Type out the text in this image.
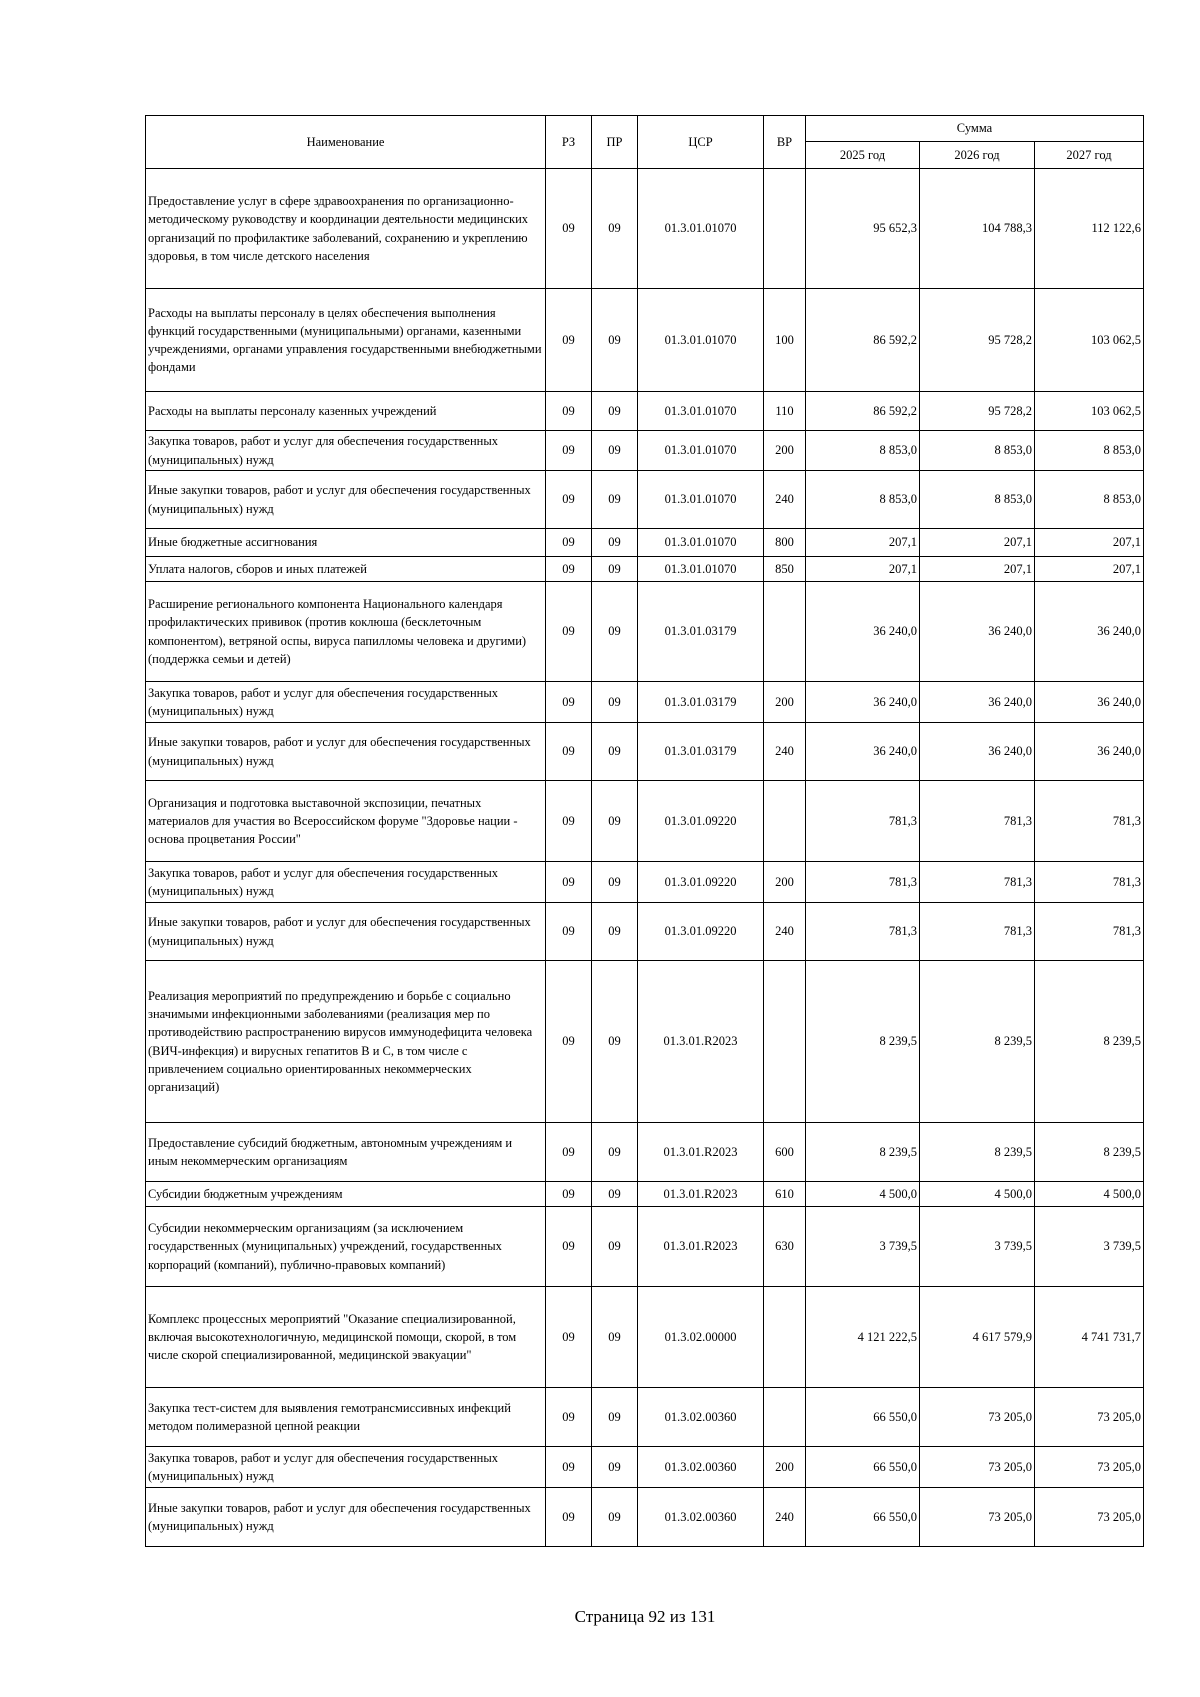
Наименование	РЗ	ПР	ЦСР	ВР	Сумма		
					2025 год	2026 год	2027 год
Предоставление услуг в сфере здравоохранения по организационно-методическому руководству и координации деятельности медицинских организаций по профилактике заболеваний, сохранению и укреплению здоровья, в том числе детского населения	09	09	01.3.01.01070		95 652,3	104 788,3	112 122,6
Расходы на выплаты персоналу в целях обеспечения выполнения функций государственными (муниципальными) органами, казенными учреждениями, органами управления государственными внебюджетными фондами	09	09	01.3.01.01070	100	86 592,2	95 728,2	103 062,5
Расходы на выплаты персоналу казенных учреждений	09	09	01.3.01.01070	110	86 592,2	95 728,2	103 062,5
Закупка товаров, работ и услуг для обеспечения государственных (муниципальных) нужд	09	09	01.3.01.01070	200	8 853,0	8 853,0	8 853,0
Иные закупки товаров, работ и услуг для обеспечения государственных (муниципальных) нужд	09	09	01.3.01.01070	240	8 853,0	8 853,0	8 853,0
Иные бюджетные ассигнования	09	09	01.3.01.01070	800	207,1	207,1	207,1
Уплата налогов, сборов и иных платежей	09	09	01.3.01.01070	850	207,1	207,1	207,1
Расширение регионального компонента Национального календаря профилактических прививок (против коклюша (бесклеточным компонентом), ветряной оспы, вируса папилломы человека и другими) (поддержка семьи и детей)	09	09	01.3.01.03179		36 240,0	36 240,0	36 240,0
Закупка товаров, работ и услуг для обеспечения государственных (муниципальных) нужд	09	09	01.3.01.03179	200	36 240,0	36 240,0	36 240,0
Иные закупки товаров, работ и услуг для обеспечения государственных (муниципальных) нужд	09	09	01.3.01.03179	240	36 240,0	36 240,0	36 240,0
Организация и подготовка выставочной экспозиции, печатных материалов для участия во Всероссийском форуме "Здоровье нации - основа процветания России"	09	09	01.3.01.09220		781,3	781,3	781,3
Закупка товаров, работ и услуг для обеспечения государственных (муниципальных) нужд	09	09	01.3.01.09220	200	781,3	781,3	781,3
Иные закупки товаров, работ и услуг для обеспечения государственных (муниципальных) нужд	09	09	01.3.01.09220	240	781,3	781,3	781,3
Реализация мероприятий по предупреждению и борьбе с социально значимыми инфекционными заболеваниями (реализация мер по противодействию распространению вирусов иммунодефицита человека (ВИЧ-инфекция) и вирусных гепатитов B и C, в том числе с привлечением социально ориентированных некоммерческих организаций)	09	09	01.3.01.R2023		8 239,5	8 239,5	8 239,5
Предоставление субсидий бюджетным, автономным учреждениям и иным некоммерческим организациям	09	09	01.3.01.R2023	600	8 239,5	8 239,5	8 239,5
Субсидии бюджетным учреждениям	09	09	01.3.01.R2023	610	4 500,0	4 500,0	4 500,0
Субсидии некоммерческим организациям (за исключением государственных (муниципальных) учреждений, государственных корпораций (компаний), публично-правовых компаний)	09	09	01.3.01.R2023	630	3 739,5	3 739,5	3 739,5
Комплекс процессных мероприятий "Оказание специализированной, включая высокотехнологичную, медицинской помощи, скорой, в том числе скорой специализированной, медицинской эвакуации"	09	09	01.3.02.00000		4 121 222,5	4 617 579,9	4 741 731,7
Закупка тест-систем для выявления гемотрансмиссивных инфекций методом полимеразной цепной реакции	09	09	01.3.02.00360		66 550,0	73 205,0	73 205,0
Закупка товаров, работ и услуг для обеспечения государственных (муниципальных) нужд	09	09	01.3.02.00360	200	66 550,0	73 205,0	73 205,0
Иные закупки товаров, работ и услуг для обеспечения государственных (муниципальных) нужд	09	09	01.3.02.00360	240	66 550,0	73 205,0	73 205,0
Страница 92 из 131
